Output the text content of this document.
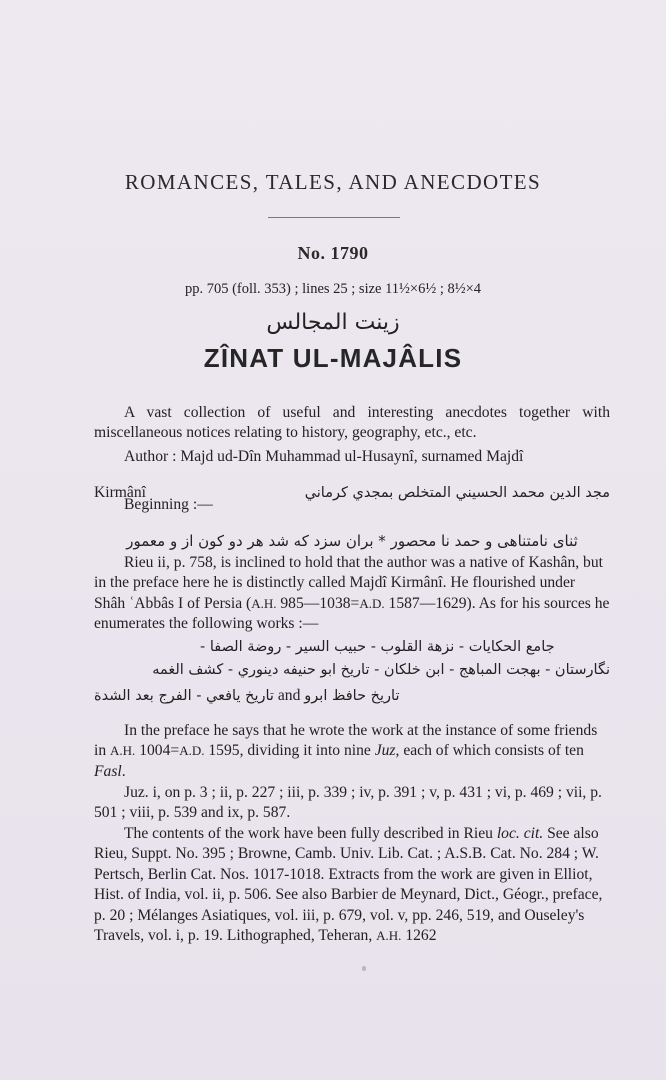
ROMANCES, TALES, AND ANECDOTES
No. 1790
pp. 705 (foll. 353) ; lines 25 ; size 11½×6½ ; 8½×4
زينت المجالس
ZÎNAT UL-MAJÂLIS

A vast collection of useful and interesting anecdotes together with miscellaneous notices relating to history, geography, etc., etc.

Author : Majd ud-Dîn Muhammad ul-Husaynî, surnamed Majdî

Kirmânî	مجد الدين محمد الحسيني المتخلص بمجدي كرماني

Beginning :—

ثنای نامتناهی و حمد نا محصور * بران سزد که شد هر دو کون از و معمور

Rieu ii, p. 758, is inclined to hold that the author was a native of Kashân, but in the preface here he is distinctly called Majdî Kirmânî. He flourished under Shâh ʿAbbâs I of Persia (A.H. 985—1038=A.D. 1587—1629). As for his sources he enumerates the following works :—

جامع الحكايات - نزهة القلوب - حبيب السير - روضة الصفا -

نگارستان - بهجت المباهج - ابن خلكان - تاريخ ابو حنيفه دينوري - كشف الغمه

تاريخ يافعي - الفرج بعد الشدة and تاريخ حافظ ابرو

In the preface he says that he wrote the work at the instance of some friends in A.H. 1004=A.D. 1595, dividing it into nine Juz, each of which consists of ten Fasl.

Juz. i, on p. 3 ; ii, p. 227 ; iii, p. 339 ; iv, p. 391 ; v, p. 431 ; vi, p. 469 ; vii, p. 501 ; viii, p. 539 and ix, p. 587.

The contents of the work have been fully described in Rieu loc. cit. See also Rieu, Suppt. No. 395 ; Browne, Camb. Univ. Lib. Cat. ; A.S.B. Cat. No. 284 ; W. Pertsch, Berlin Cat. Nos. 1017-1018. Extracts from the work are given in Elliot, Hist. of India, vol. ii, p. 506. See also Barbier de Meynard, Dict., Géogr., preface, p. 20 ; Mélanges Asiatiques, vol. iii, p. 679, vol. v, pp. 246, 519, and Ouseley's Travels, vol. i, p. 19. Lithographed, Teheran, A.H. 1262
